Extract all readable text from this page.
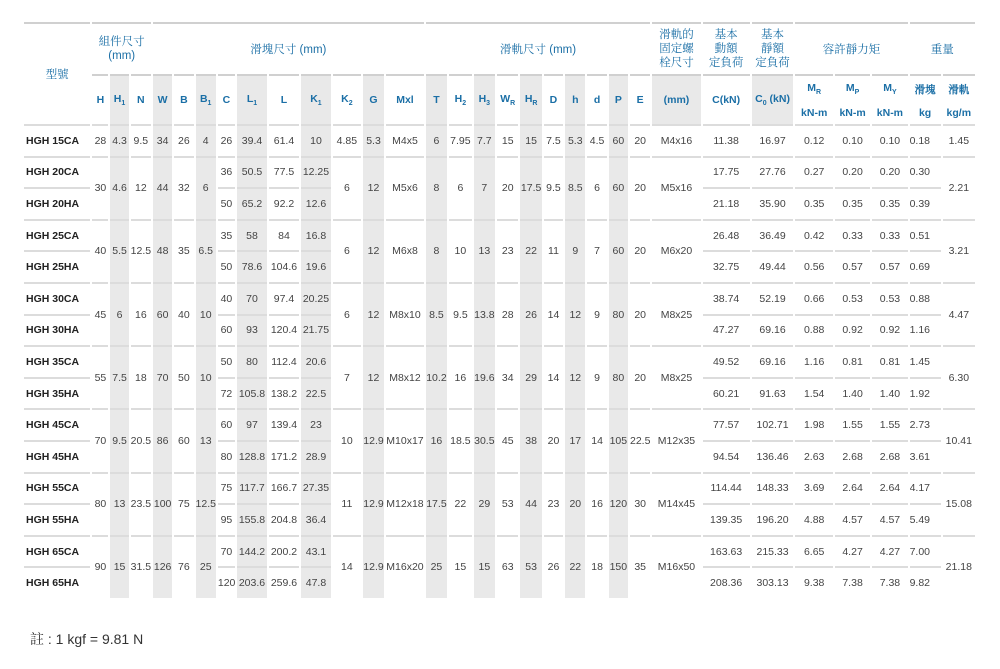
型號	組件尺寸
(mm)			滑塊尺寸 (mm)										滑軌尺寸 (mm)										滑軌的
固定螺
栓尺寸	基本
動額
定負荷	基本
靜額
定負荷	容許靜力矩			重量	
	H	$H_1$	N	W	B	$B_1$	C	$L_1$	L	$K_1$	$K_2$	G	Mxl	T	$H_2$	$H_3$	$W_R$	$H_R$	D	h	d	P	E	(mm)	C(kN)	$C_0$ (kN)	$M_R$	$M_P$	$M_Y$	滑塊	滑軌
																											kN-m	kN-m	kN-m	kg	kg/m
HGH 15CA	28	4.3	9.5	34	26	4	26	39.4	61.4	10	4.85	5.3	M4x5	6	7.95	7.7	15	15	7.5	5.3	4.5	60	20	M4x16	11.38	16.97	0.12	0.10	0.10	0.18	1.45
HGH 20CA	30	4.6	12	44	32	6	36	50.5	77.5	12.25	6	12	M5x6	8	6	7	20	17.5	9.5	8.5	6	60	20	M5x16	17.75	27.76	0.27	0.20	0.20	0.30	2.21
HGH 20HA							50	65.2	92.2	12.6															21.18	35.90	0.35	0.35	0.35	0.39	
HGH 25CA	40	5.5	12.5	48	35	6.5	35	58	84	16.8	6	12	M6x8	8	10	13	23	22	11	9	7	60	20	M6x20	26.48	36.49	0.42	0.33	0.33	0.51	3.21
HGH 25HA							50	78.6	104.6	19.6															32.75	49.44	0.56	0.57	0.57	0.69	
HGH 30CA	45	6	16	60	40	10	40	70	97.4	20.25	6	12	M8x10	8.5	9.5	13.8	28	26	14	12	9	80	20	M8x25	38.74	52.19	0.66	0.53	0.53	0.88	4.47
HGH 30HA							60	93	120.4	21.75															47.27	69.16	0.88	0.92	0.92	1.16	
HGH 35CA	55	7.5	18	70	50	10	50	80	112.4	20.6	7	12	M8x12	10.2	16	19.6	34	29	14	12	9	80	20	M8x25	49.52	69.16	1.16	0.81	0.81	1.45	6.30
HGH 35HA							72	105.8	138.2	22.5															60.21	91.63	1.54	1.40	1.40	1.92	
HGH 45CA	70	9.5	20.5	86	60	13	60	97	139.4	23	10	12.9	M10x17	16	18.5	30.5	45	38	20	17	14	105	22.5	M12x35	77.57	102.71	1.98	1.55	1.55	2.73	10.41
HGH 45HA							80	128.8	171.2	28.9															94.54	136.46	2.63	2.68	2.68	3.61	
HGH 55CA	80	13	23.5	100	75	12.5	75	117.7	166.7	27.35	11	12.9	M12x18	17.5	22	29	53	44	23	20	16	120	30	M14x45	114.44	148.33	3.69	2.64	2.64	4.17	15.08
HGH 55HA							95	155.8	204.8	36.4															139.35	196.20	4.88	4.57	4.57	5.49	
HGH 65CA	90	15	31.5	126	76	25	70	144.2	200.2	43.1	14	12.9	M16x20	25	15	15	63	53	26	22	18	150	35	M16x50	163.63	215.33	6.65	4.27	4.27	7.00	21.18
HGH 65HA							120	203.6	259.6	47.8															208.36	303.13	9.38	7.38	7.38	9.82	
註 : 1 kgf = 9.81 N
